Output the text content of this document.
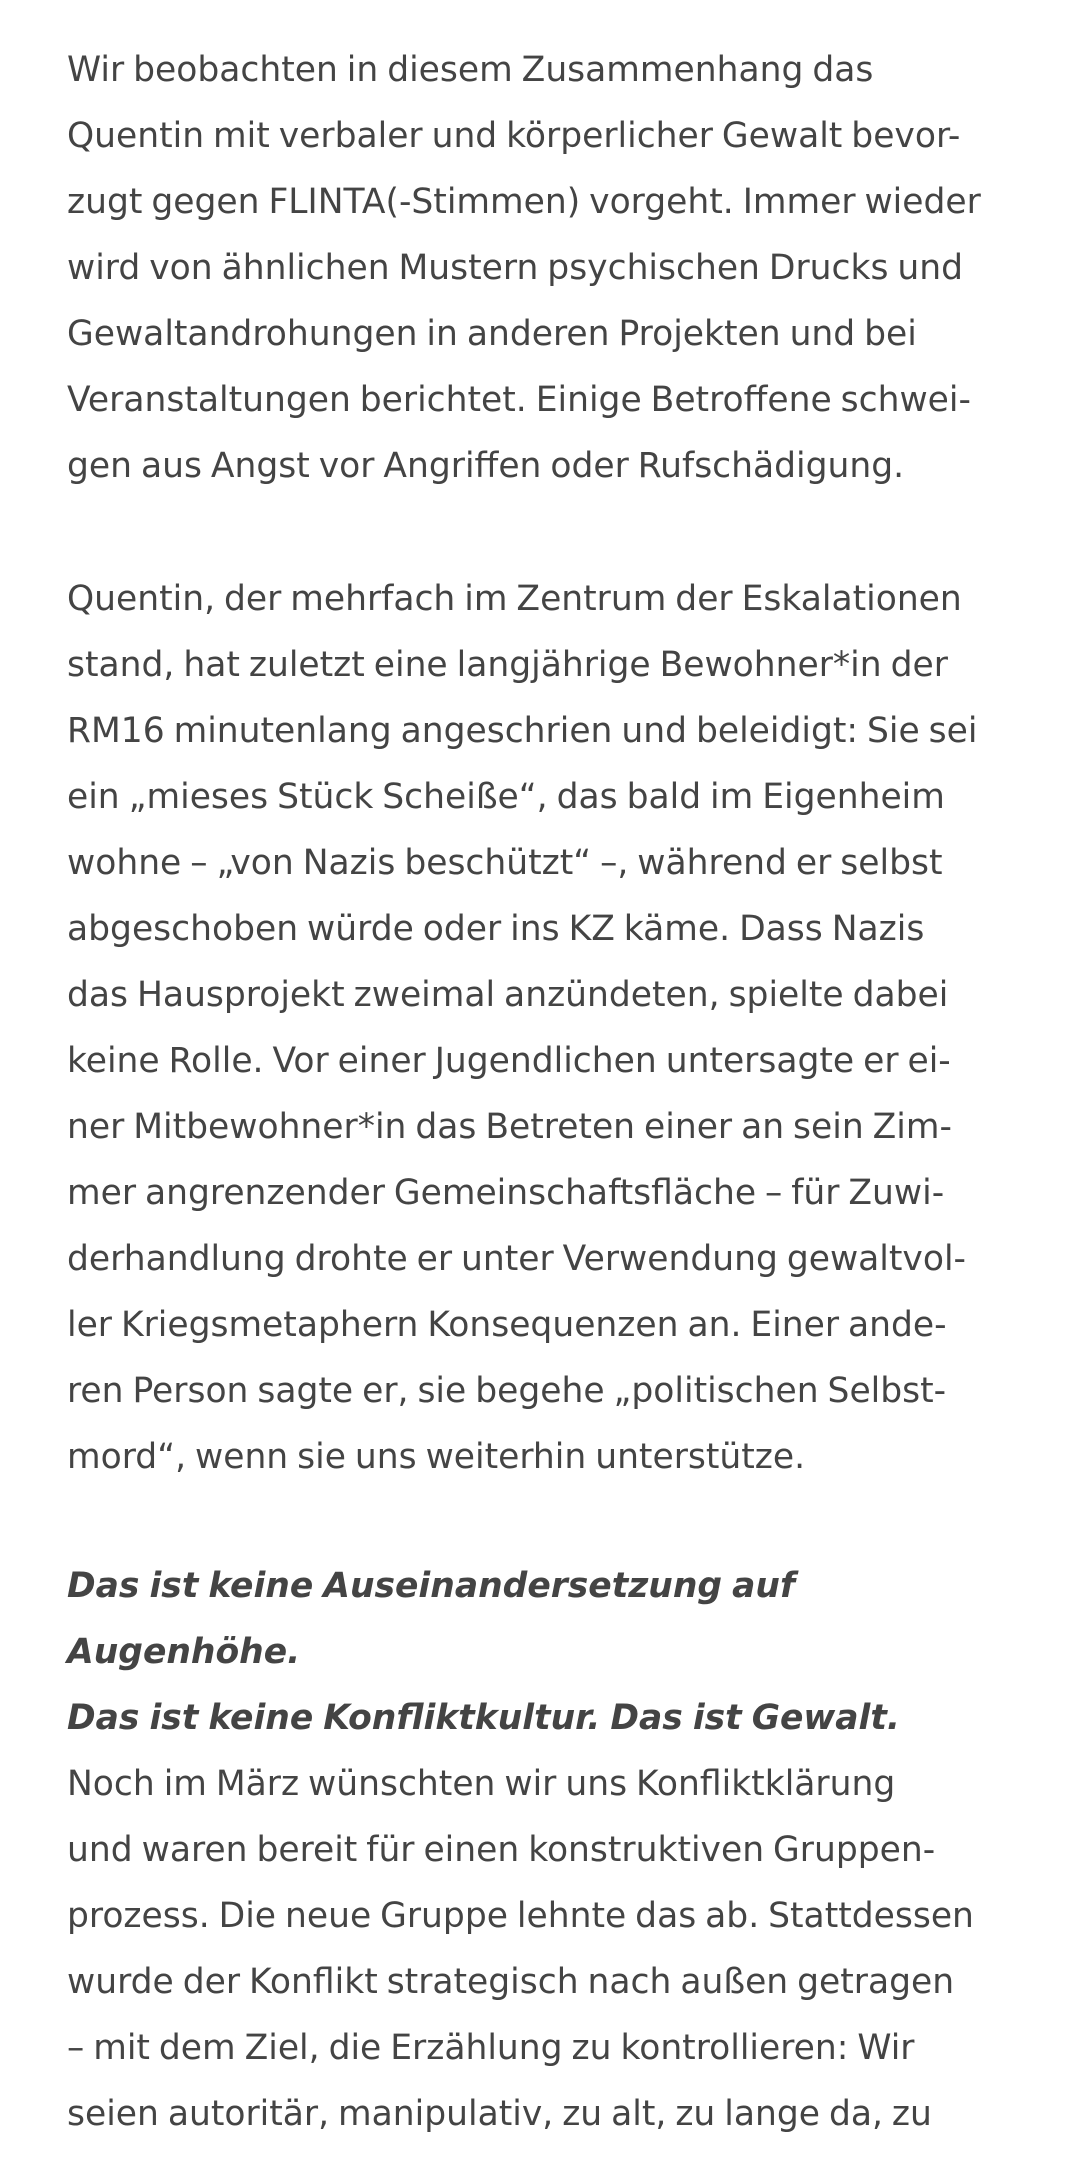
Wir beobachten in diesem Zusammenhang das
Quentin mit verbaler und körperlicher Gewalt bevor-
zugt gegen FLINTA(-Stimmen) vorgeht. Immer wieder
wird von ähnlichen Mustern psychischen Drucks und
Gewaltandrohungen in anderen Projekten und bei
Veranstaltungen berichtet. Einige Betroffene schwei-
gen aus Angst vor Angriffen oder Rufschädigung.

Quentin, der mehrfach im Zentrum der Eskalationen
stand, hat zuletzt eine langjährige Bewohner*in der
RM16 minutenlang angeschrien und beleidigt: Sie sei
ein „mieses Stück Scheiße“, das bald im Eigenheim
wohne – „von Nazis beschützt“ –, während er selbst
abgeschoben würde oder ins KZ käme. Dass Nazis
das Hausprojekt zweimal anzündeten, spielte dabei
keine Rolle. Vor einer Jugendlichen untersagte er ei-
ner Mitbewohner*in das Betreten einer an sein Zim-
mer angrenzender Gemeinschaftsfläche – für Zuwi-
derhandlung drohte er unter Verwendung gewaltvol-
ler Kriegsmetaphern Konsequenzen an. Einer ande-
ren Person sagte er, sie begehe „politischen Selbst-
mord“, wenn sie uns weiterhin unterstütze.

Das ist keine Auseinandersetzung auf Augenhöhe.
Das ist keine Konfliktkultur. Das ist Gewalt.

Noch im März wünschten wir uns Konfliktklärung
und waren bereit für einen konstruktiven Gruppen-
prozess. Die neue Gruppe lehnte das ab. Stattdessen
wurde der Konflikt strategisch nach außen getragen
– mit dem Ziel, die Erzählung zu kontrollieren: Wir
seien autoritär, manipulativ, zu alt, zu lange da, zu
